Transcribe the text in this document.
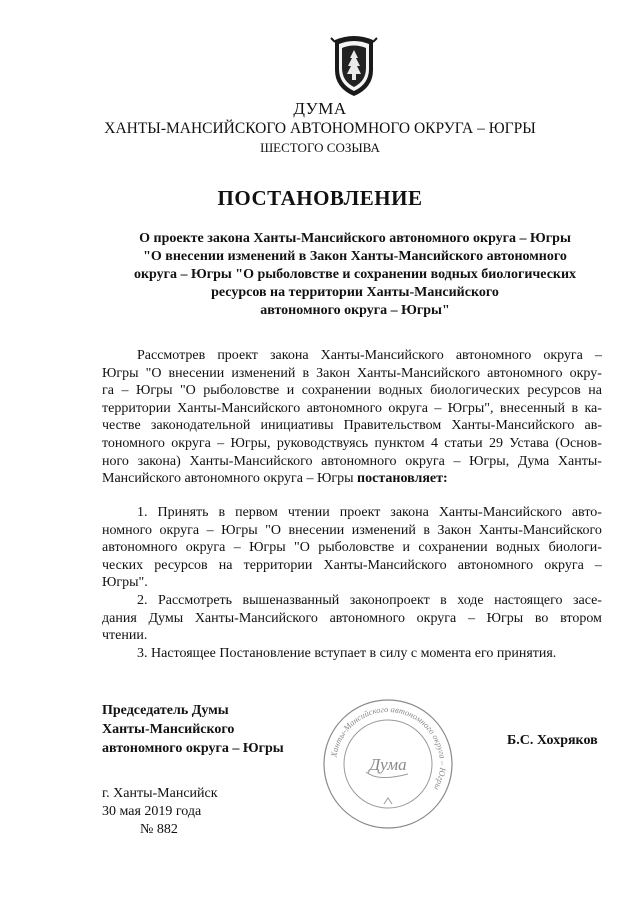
ДУМА
ХАНТЫ-МАНСИЙСКОГО АВТОНОМНОГО ОКРУГА – ЮГРЫ
ШЕСТОГО СОЗЫВА
ПОСТАНОВЛЕНИЕ
О проекте закона Ханты-Мансийского автономного округа – Югры
"О внесении изменений в Закон Ханты-Мансийского автономного
округа – Югры "О рыболовстве и сохранении водных биологических
ресурсов на территории Ханты-Мансийского
автономного округа – Югры"
Рассмотрев проект закона Ханты-Мансийского автономного округа –
Югры "О внесении изменений в Закон Ханты-Мансийского автономного окру-
га – Югры "О рыболовстве и сохранении водных биологических ресурсов на
территории Ханты-Мансийского автономного округа – Югры", внесенный в ка-
честве законодательной инициативы Правительством Ханты-Мансийского ав-
тономного округа – Югры, руководствуясь пунктом 4 статьи 29 Устава (Основ-
ного закона) Ханты-Мансийского автономного округа – Югры, Дума Ханты-
Мансийского автономного округа – Югры постановляет:
1. Принять в первом чтении проект закона Ханты-Мансийского авто-
номного округа – Югры "О внесении изменений в Закон Ханты-Мансийского
автономного округа – Югры "О рыболовстве и сохранении водных биологи-
ческих ресурсов на территории Ханты-Мансийского автономного округа –
Югры".
2. Рассмотреть вышеназванный законопроект в ходе настоящего засе-
дания Думы Ханты-Мансийского автономного округа – Югры во втором
чтении.
3. Настоящее Постановление вступает в силу с момента его принятия.
Председатель Думы
Ханты-Мансийского
автономного округа – Югры	Ханты-Мансийского автономного округа – Югры
Дума
Б.С. Хохряков
г. Ханты-Мансийск
30 мая 2019 года
№ 882
